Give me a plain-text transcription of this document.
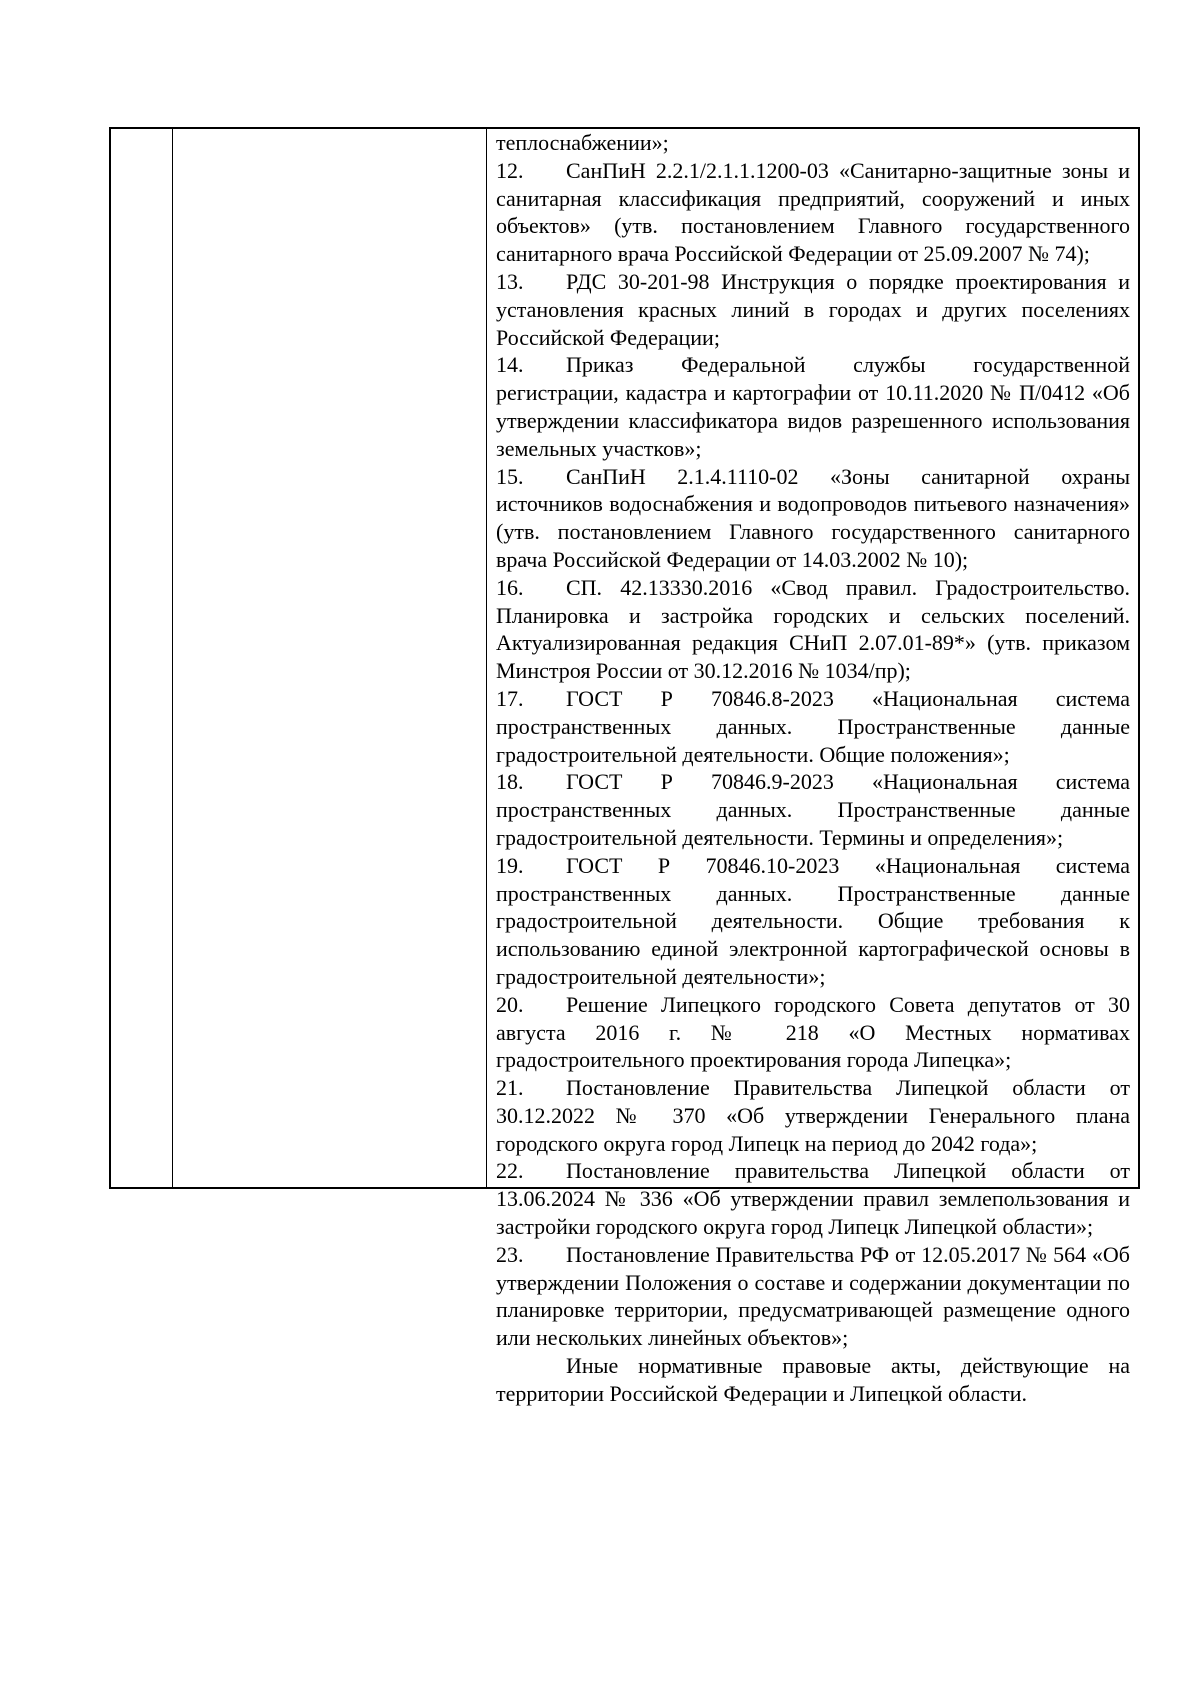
теплоснабжении»;

12. СанПиН 2.2.1/2.1.1.1200-03 «Санитарно-защитные зоны и санитарная классификация предприятий, сооружений и иных объектов» (утв. постановлением Главного государственного санитарного врача Российской Федерации от 25.09.2007 № 74);

13. РДС 30-201-98 Инструкция о порядке проектирования и установления красных линий в городах и других поселениях Российской Федерации;

14. Приказ Федеральной службы государственной регистрации, кадастра и картографии от 10.11.2020 № П/0412 «Об утверждении классификатора видов разрешенного использования земельных участков»;

15. СанПиН 2.1.4.1110-02 «Зоны санитарной охраны источников водоснабжения и водопроводов питьевого назначения» (утв. постановлением Главного государственного санитарного врача Российской Федерации от 14.03.2002 № 10);

16. СП. 42.13330.2016 «Свод правил. Градостроительство. Планировка и застройка городских и сельских поселений. Актуализированная редакция СНиП 2.07.01-89*» (утв. приказом Минстроя России от 30.12.2016 № 1034/пр);

17. ГОСТ Р 70846.8-2023 «Национальная система пространственных данных. Пространственные данные градостроительной деятельности. Общие положения»;

18. ГОСТ Р 70846.9-2023 «Национальная система пространственных данных. Пространственные данные градостроительной деятельности. Термины и определения»;

19. ГОСТ Р 70846.10-2023 «Национальная система пространственных данных. Пространственные данные градостроительной деятельности. Общие требования к использованию единой электронной картографической основы в градостроительной деятельности»;

20. Решение Липецкого городского Совета депутатов от 30 августа 2016 г. № 218 «О Местных нормативах градостроительного проектирования города Липецка»;

21. Постановление Правительства Липецкой области от 30.12.2022 № 370 «Об утверждении Генерального плана городского округа город Липецк на период до 2042 года»;

22. Постановление правительства Липецкой области от 13.06.2024 № 336 «Об утверждении правил землепользования и застройки городского округа город Липецк Липецкой области»;

23. Постановление Правительства РФ от 12.05.2017 № 564 «Об утверждении Положения о составе и содержании документации по планировке территории, предусматривающей размещение одного или нескольких линейных объектов»;

Иные нормативные правовые акты, действующие на территории Российской Федерации и Липецкой области.
